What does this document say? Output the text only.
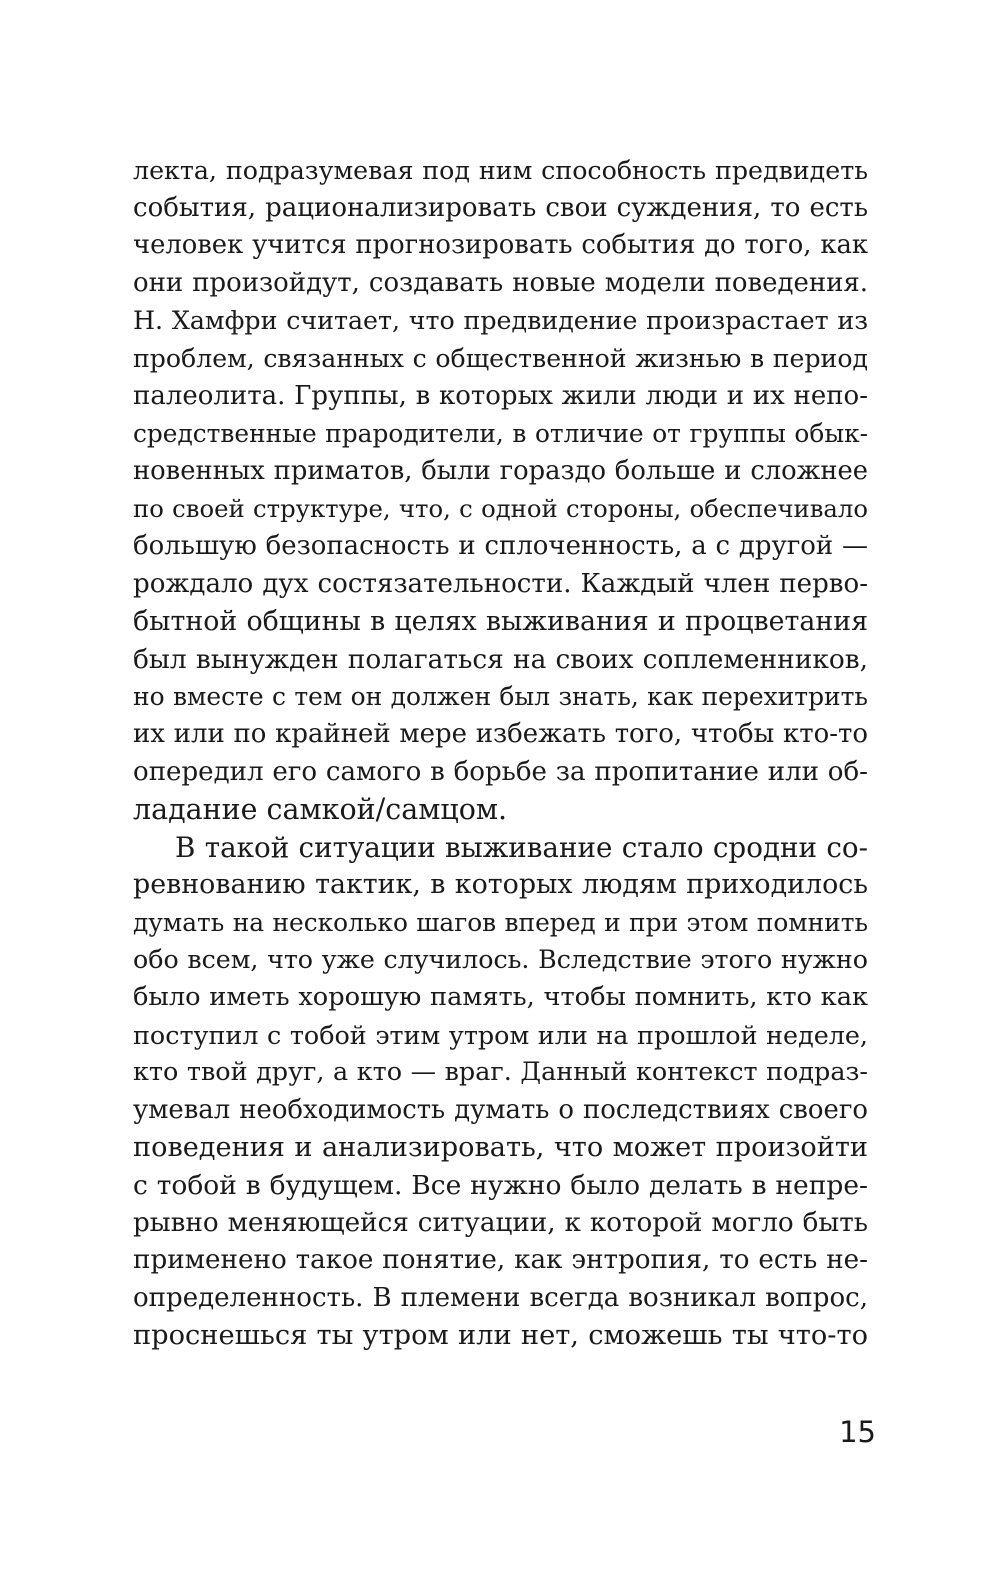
лекта, подразумевая под ним способность предвидеть
события, рационализировать свои суждения, то есть
человек учится прогнозировать события до того, как
они произойдут, создавать новые модели поведения.
Н. Хамфри считает, что предвидение произрастает из
проблем, связанных с общественной жизнью в период
палеолита. Группы, в которых жили люди и их непо-
средственные прародители, в отличие от группы обык-
новенных приматов, были гораздо больше и сложнее
по своей структуре, что, с одной стороны, обеспечивало
большую безопасность и сплоченность, а с другой —
рождало дух состязательности. Каждый член перво-
бытной общины в целях выживания и процветания
был вынужден полагаться на своих соплеменников,
но вместе с тем он должен был знать, как перехитрить
их или по крайней мере избежать того, чтобы кто-то
опередил его самого в борьбе за пропитание или об-
ладание самкой/самцом.
В такой ситуации выживание стало сродни со-
ревнованию тактик, в которых людям приходилось
думать на несколько шагов вперед и при этом помнить
обо всем, что уже случилось. Вследствие этого нужно
было иметь хорошую память, чтобы помнить, кто как
поступил с тобой этим утром или на прошлой неделе,
кто твой друг, а кто — враг. Данный контекст подраз-
умевал необходимость думать о последствиях своего
поведения и анализировать, что может произойти
с тобой в будущем. Все нужно было делать в непре-
рывно меняющейся ситуации, к которой могло быть
применено такое понятие, как энтропия, то есть не-
определенность. В племени всегда возникал вопрос,
проснешься ты утром или нет, сможешь ты что-то
15
